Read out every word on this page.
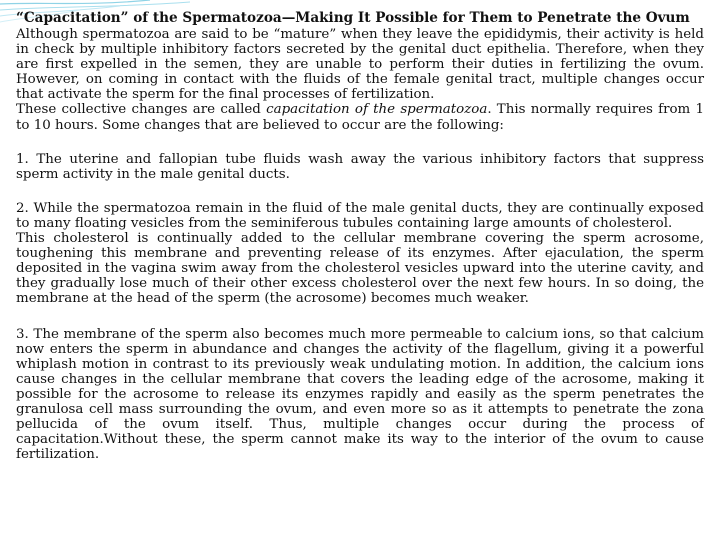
“Capacitation” of the Spermatozoa—Making It Possible for Them to Penetrate the Ovum

Although spermatozoa are said to be “mature” when they leave the epididymis, their activity is held in check by multiple inhibitory factors secreted by the genital duct epithelia. Therefore, when they are first expelled in the semen, they are unable to perform their duties in fertilizing the ovum. However, on coming in contact with the fluids of the female genital tract, multiple changes occur that activate the sperm for the final processes of fertilization.

These collective changes are called capacitation of the spermatozoa. This normally requires from 1 to 10 hours. Some changes that are believed to occur are the following:

1. The uterine and fallopian tube fluids wash away the various inhibitory factors that suppress sperm activity in the male genital ducts.

2. While the spermatozoa remain in the fluid of the male genital ducts, they are continually exposed to many floating vesicles from the seminiferous tubules containing large amounts of cholesterol.

This cholesterol is continually added to the cellular membrane covering the sperm acrosome, toughening this membrane and preventing release of its enzymes. After ejaculation, the sperm deposited in the vagina swim away from the cholesterol vesicles upward into the uterine cavity, and they gradually lose much of their other excess cholesterol over the next few hours. In so doing, the membrane at the head of the sperm (the acrosome) becomes much weaker.

3. The membrane of the sperm also becomes much more permeable to calcium ions, so that calcium now enters the sperm in abundance and changes the activity of the flagellum, giving it a powerful whiplash motion in contrast to its previously weak undulating motion. In addition, the calcium ions cause changes in the cellular membrane that covers the leading edge of the acrosome, making it possible for the acrosome to release its enzymes rapidly and easily as the sperm penetrates the granulosa cell mass surrounding the ovum, and even more so as it attempts to penetrate the zona pellucida of the ovum itself. Thus, multiple changes occur during the process of capacitation.Without these, the sperm cannot make its way to the interior of the ovum to cause fertilization.
